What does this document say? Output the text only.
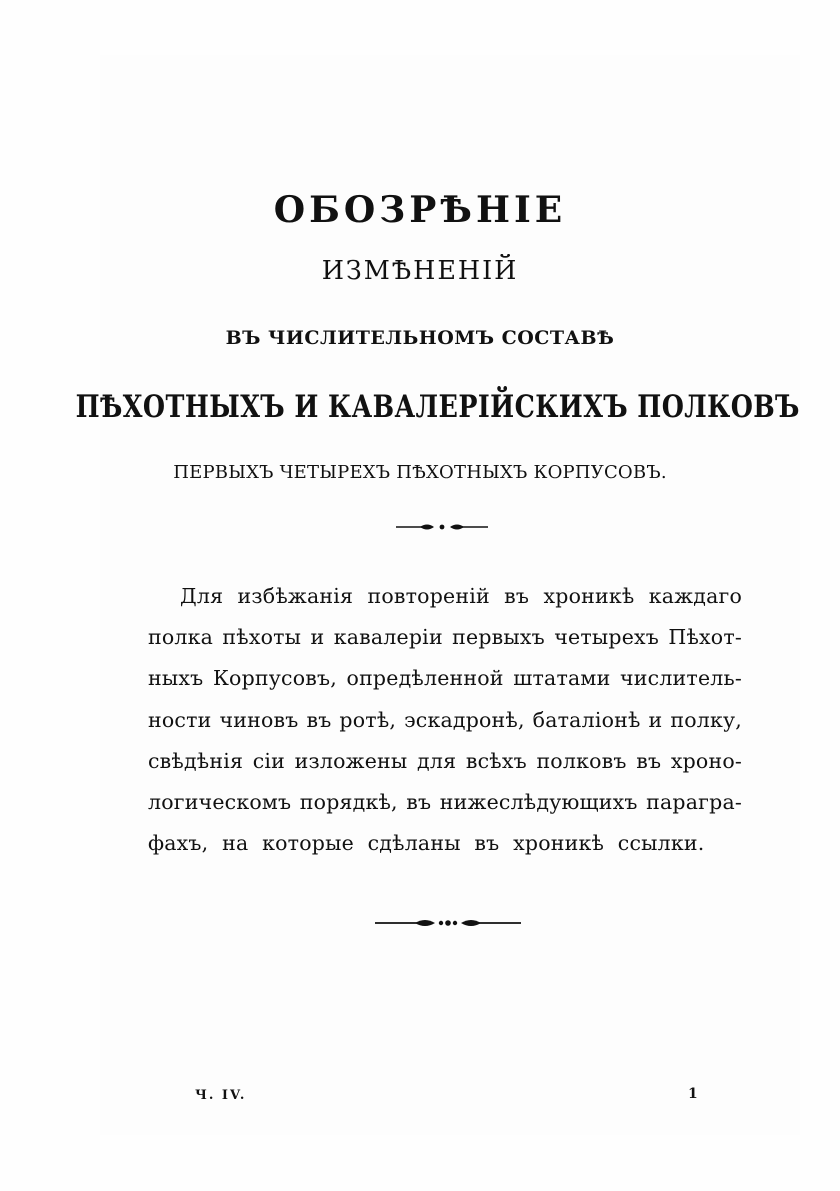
ОБОЗРѢНІЕ
ИЗМѢНЕНІЙ
ВЪ ЧИСЛИТЕЛЬНОМЪ СОСТАВѢ
ПѢХОТНЫХЪ И КАВАЛЕРІЙСКИХЪ ПОЛКОВЪ
ПЕРВЫХЪ ЧЕТЫРЕХЪ ПѢХОТНЫХЪ КОРПУСОВЪ.
Для избѣжанія повтореній въ хроникѣ каждаго
полка пѣхоты и кавалеріи первыхъ четырехъ Пѣхот-
ныхъ Корпусовъ, опредѣленной штатами числитель-
ности чиновъ въ ротѣ, эскадронѣ, баталіонѣ и полку,
свѣдѣнія сіи изложены для всѣхъ полковъ въ хроно-
логическомъ порядкѣ, въ нижеслѣдующихъ парагра-
фахъ, на которые сдѣланы въ хроникѣ ссылки.
Ч. IV.	1
